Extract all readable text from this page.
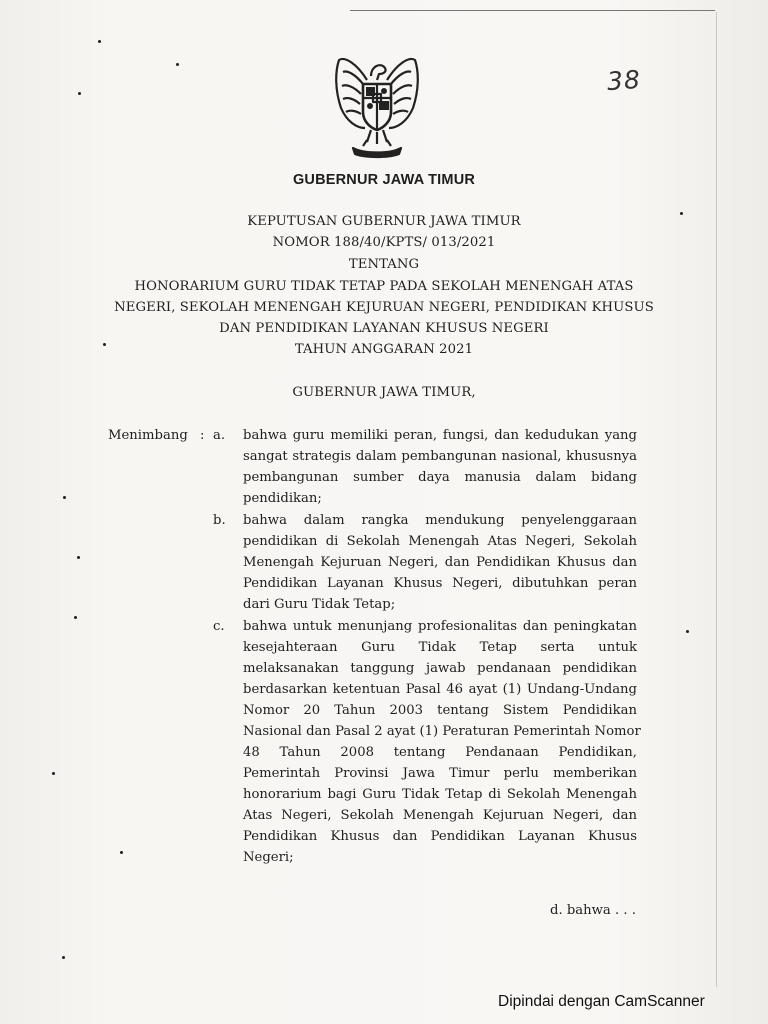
38
GUBERNUR JAWA TIMUR
KEPUTUSAN GUBERNUR JAWA TIMUR
NOMOR 188/40/KPTS/ 013/2021
TENTANG
HONORARIUM GURU TIDAK TETAP PADA SEKOLAH MENENGAH ATAS
NEGERI, SEKOLAH MENENGAH KEJURUAN NEGERI, PENDIDIKAN KHUSUS
DAN PENDIDIKAN LAYANAN KHUSUS NEGERI
TAHUN ANGGARAN 2021
GUBERNUR JAWA TIMUR,
Menimbang : a. bahwa guru memiliki peran, fungsi, dan kedudukan yang
sangat strategis dalam pembangunan nasional, khususnya
pembangunan sumber daya manusia dalam bidang
pendidikan;
b. bahwa dalam rangka mendukung penyelenggaraan
pendidikan di Sekolah Menengah Atas Negeri, Sekolah
Menengah Kejuruan Negeri, dan Pendidikan Khusus dan
Pendidikan Layanan Khusus Negeri, dibutuhkan peran
dari Guru Tidak Tetap;
c. bahwa untuk menunjang profesionalitas dan peningkatan
kesejahteraan Guru Tidak Tetap serta untuk
melaksanakan tanggung jawab pendanaan pendidikan
berdasarkan ketentuan Pasal 46 ayat (1) Undang-Undang
Nomor 20 Tahun 2003 tentang Sistem Pendidikan
Nasional dan Pasal 2 ayat (1) Peraturan Pemerintah Nomor
48 Tahun 2008 tentang Pendanaan Pendidikan,
Pemerintah Provinsi Jawa Timur perlu memberikan
honorarium bagi Guru Tidak Tetap di Sekolah Menengah
Atas Negeri, Sekolah Menengah Kejuruan Negeri, dan
Pendidikan Khusus dan Pendidikan Layanan Khusus
Negeri;
d. bahwa . . .
Dipindai dengan CamScanner
